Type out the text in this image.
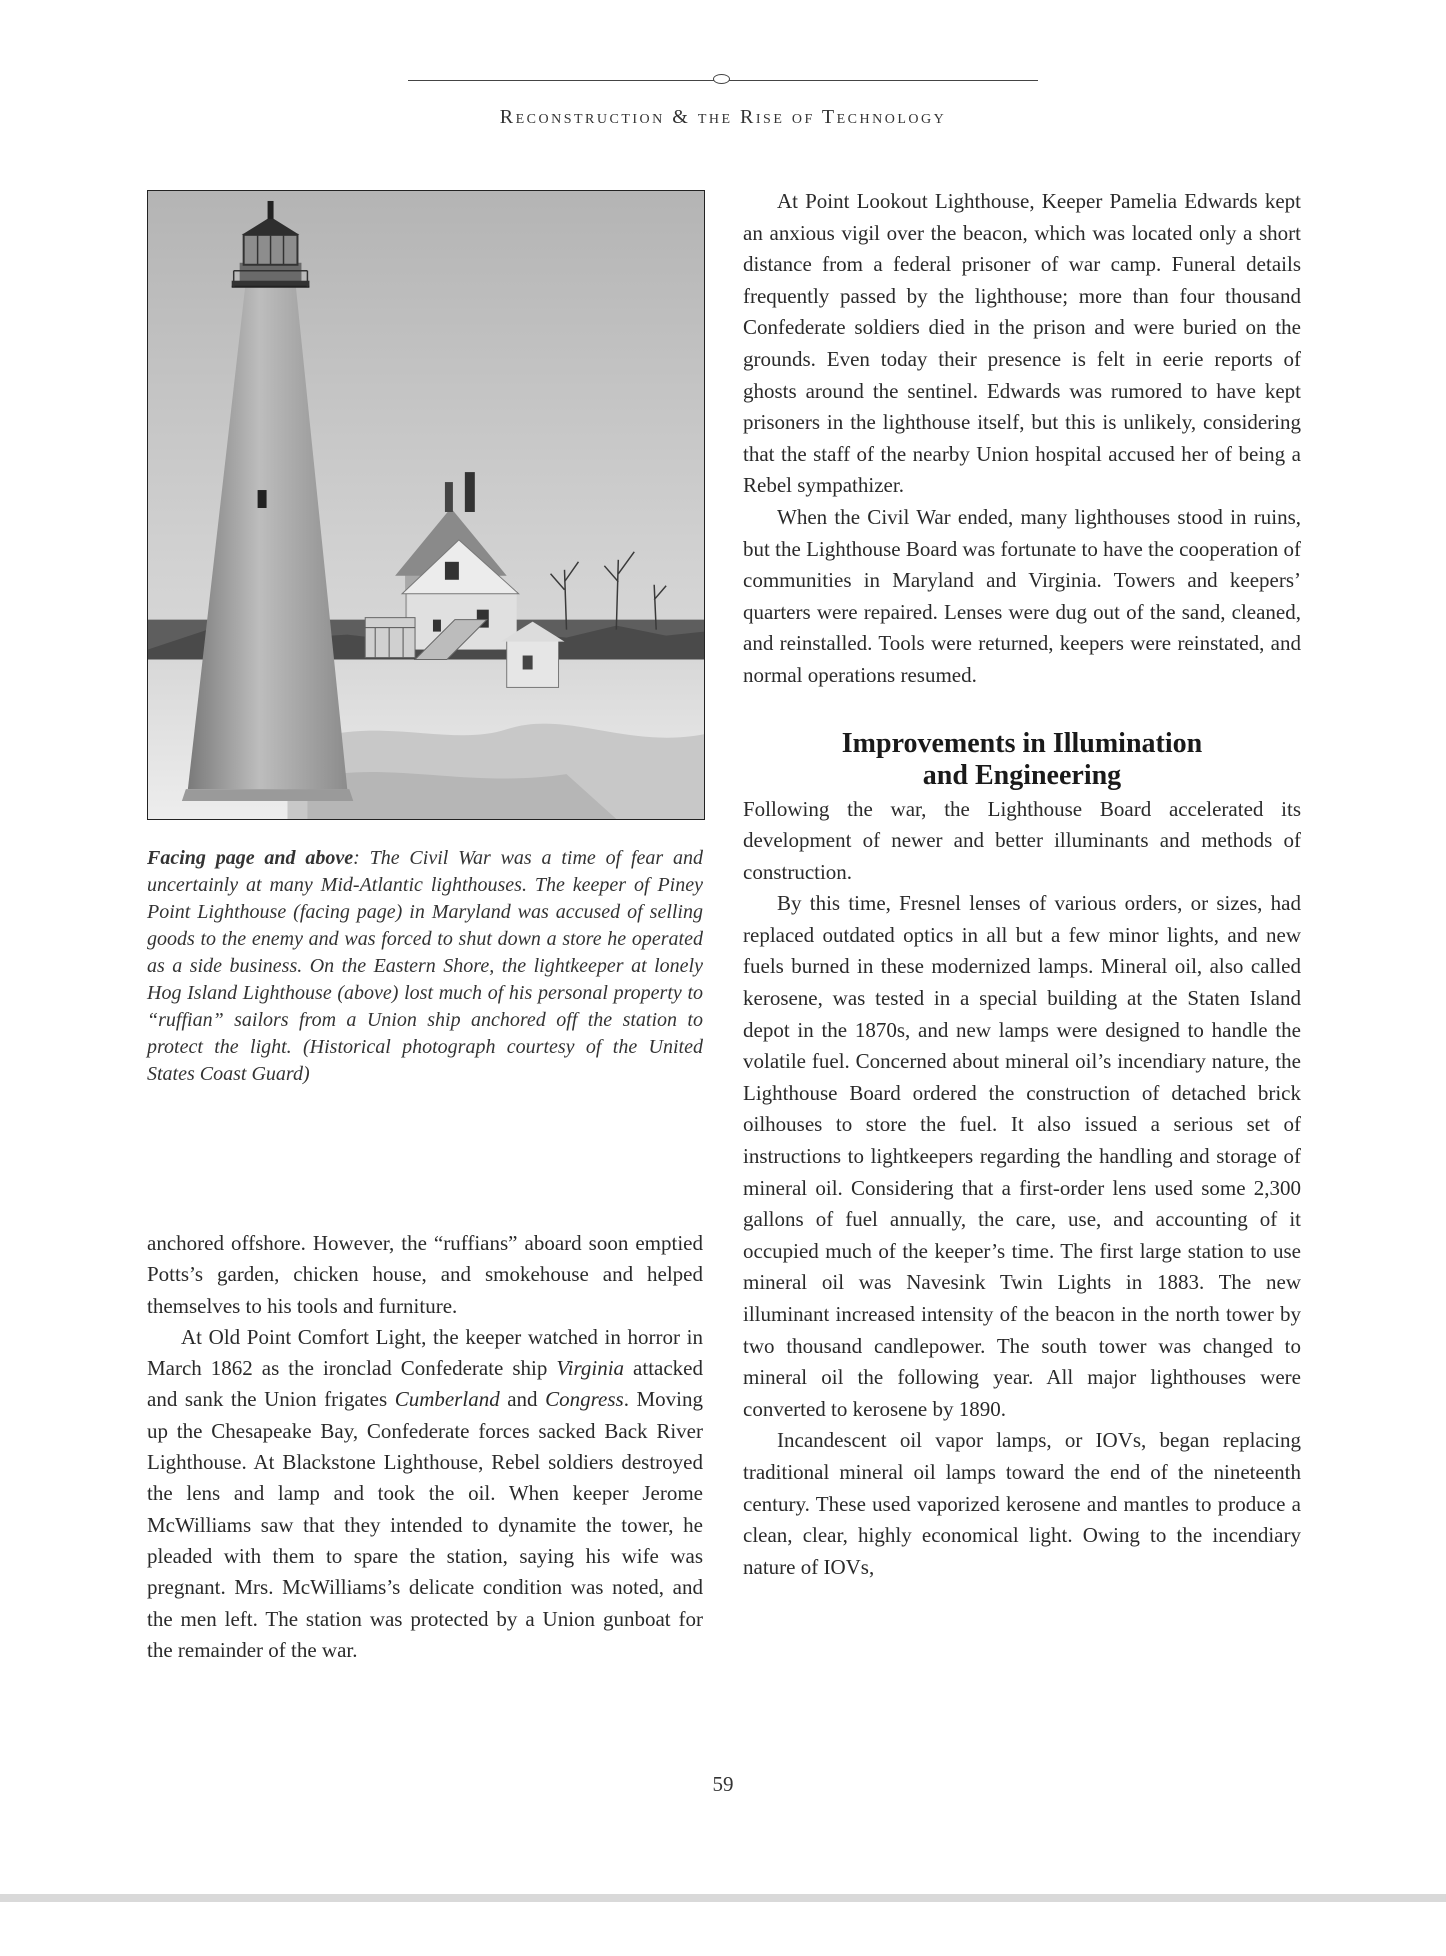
Reconstruction & the Rise of Technology
Facing page and above: The Civil War was a time of fear and uncertainly at many Mid-Atlantic lighthouses. The keeper of Piney Point Lighthouse (facing page) in Maryland was accused of selling goods to the enemy and was forced to shut down a store he operated as a side business. On the Eastern Shore, the lightkeeper at lonely Hog Island Lighthouse (above) lost much of his personal property to “ruffian” sailors from a Union ship anchored off the station to protect the light. (Historical photograph courtesy of the United States Coast Guard)

anchored offshore. However, the “ruffians” aboard soon emptied Potts’s garden, chicken house, and smokehouse and helped themselves to his tools and furniture.

At Old Point Comfort Light, the keeper watched in horror in March 1862 as the ironclad Confederate ship Virginia attacked and sank the Union frigates Cumberland and Congress. Moving up the Chesapeake Bay, Confederate forces sacked Back River Lighthouse. At Blackstone Lighthouse, Rebel soldiers destroyed the lens and lamp and took the oil. When keeper Jerome McWilliams saw that they intended to dynamite the tower, he pleaded with them to spare the station, saying his wife was pregnant. Mrs. McWilliams’s delicate condition was noted, and the men left. The station was protected by a Union gunboat for the remainder of the war.

At Point Lookout Lighthouse, Keeper Pamelia Edwards kept an anxious vigil over the beacon, which was located only a short distance from a federal prisoner of war camp. Funeral details frequently passed by the lighthouse; more than four thousand Confederate soldiers died in the prison and were buried on the grounds. Even today their presence is felt in eerie reports of ghosts around the sentinel. Edwards was rumored to have kept prisoners in the lighthouse itself, but this is unlikely, considering that the staff of the nearby Union hospital accused her of being a Rebel sympathizer.

When the Civil War ended, many lighthouses stood in ruins, but the Lighthouse Board was fortunate to have the cooperation of communities in Maryland and Virginia. Towers and keepers’ quarters were repaired. Lenses were dug out of the sand, cleaned, and reinstalled. Tools were returned, keepers were reinstated, and normal operations resumed.

Improvements in Illumination
and Engineering

Following the war, the Lighthouse Board accelerated its development of newer and better illuminants and methods of construction.

By this time, Fresnel lenses of various orders, or sizes, had replaced outdated optics in all but a few minor lights, and new fuels burned in these modernized lamps. Mineral oil, also called kerosene, was tested in a special building at the Staten Island depot in the 1870s, and new lamps were designed to handle the volatile fuel. Concerned about mineral oil’s incendiary nature, the Lighthouse Board ordered the construction of detached brick oilhouses to store the fuel. It also issued a serious set of instructions to lightkeepers regarding the handling and storage of mineral oil. Considering that a first-order lens used some 2,300 gallons of fuel annually, the care, use, and accounting of it occupied much of the keeper’s time. The first large station to use mineral oil was Navesink Twin Lights in 1883. The new illuminant increased intensity of the beacon in the north tower by two thousand candlepower. The south tower was changed to mineral oil the following year. All major lighthouses were converted to kerosene by 1890.

Incandescent oil vapor lamps, or IOVs, began replacing traditional mineral oil lamps toward the end of the nineteenth century. These used vaporized kerosene and mantles to produce a clean, clear, highly economical light. Owing to the incendiary nature of IOVs,

59
